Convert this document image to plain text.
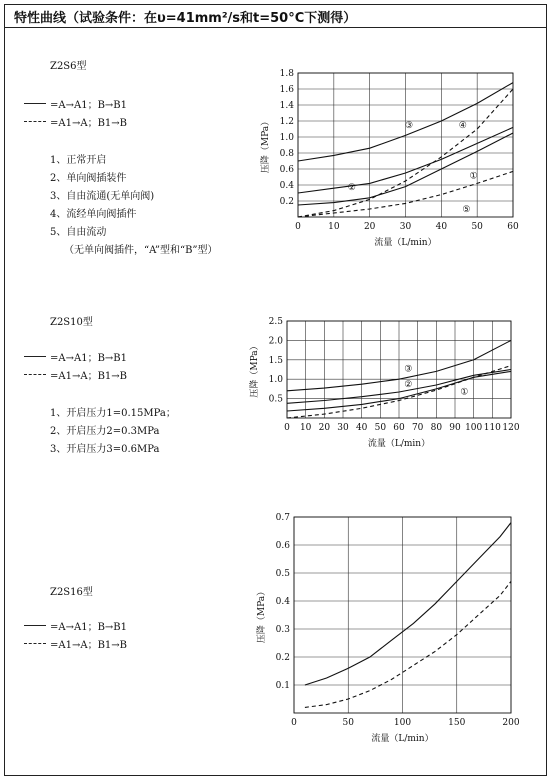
特性曲线（试验条件：在υ=41mm²/s和t=50°C下测得）
Z2S6型
=A→A1；B→B1
=A1→A；B1→B
1、正常开启
2、单向阀插装件
3、自由流通(无单向阀)
4、流经单向阀插件
5、自由流动
（无单向阀插件，“A”型和“B”型）
Z2S10型
=A→A1；B→B1
=A1→A；B1→B
1、开启压力1=0.15MPa；
2、开启压力2=0.3MPa
3、开启压力3=0.6MPa
Z2S16型
=A→A1；B→B1
=A1→A；B1→B
0	10	20	30	40	50	60
0.2
0.4
0.6
0.8
1.0
1.2
1.4
1.6
1.8
①
②
③	④
⑤
流量（L/min）
压降（MPa）
0 10 20 30 40 50 60 70 80 90 100 110 120
0.5
1.0
1.5
2.0
2.5
①
②
③
流量（L/min）
压降（MPa）
0	50	100	150	200
0.1
0.2
0.3
0.4
0.5
0.6
0.7
流量（L/min）
压降（MPa）
